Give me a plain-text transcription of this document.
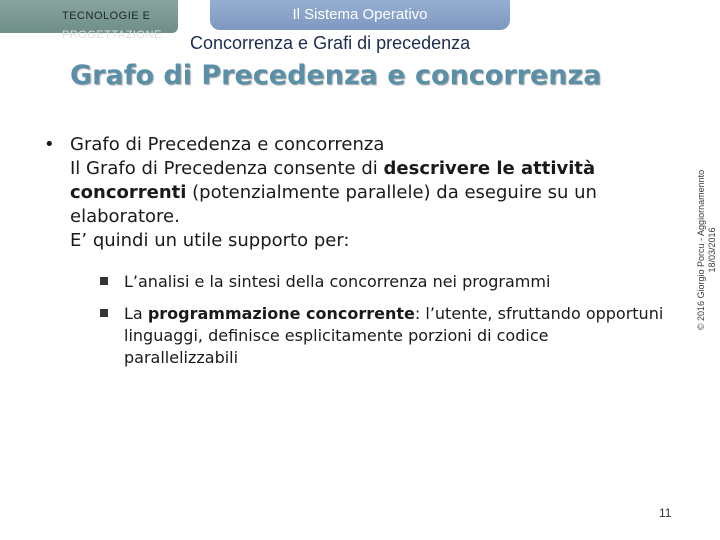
TECNOLOGIE E
PROGETTAZIONE
Il Sistema Operativo
Concorrenza e Grafi di precedenza
Grafo di Precedenza e concorrenza
© 2016 Giorgio Porcu - Aggiornamennto 18/03/2016
• Grafo di Precedenza e concorrenza
Il Grafo di Precedenza consente di descrivere le attività concorrenti (potenzialmente parallele) da eseguire su un elaboratore.
E’ quindi un utile supporto per:
L’analisi e la sintesi della concorrenza nei programmi
La programmazione concorrente: l’utente, sfruttando opportuni linguaggi, definisce esplicitamente porzioni di codice parallelizzabili
11
